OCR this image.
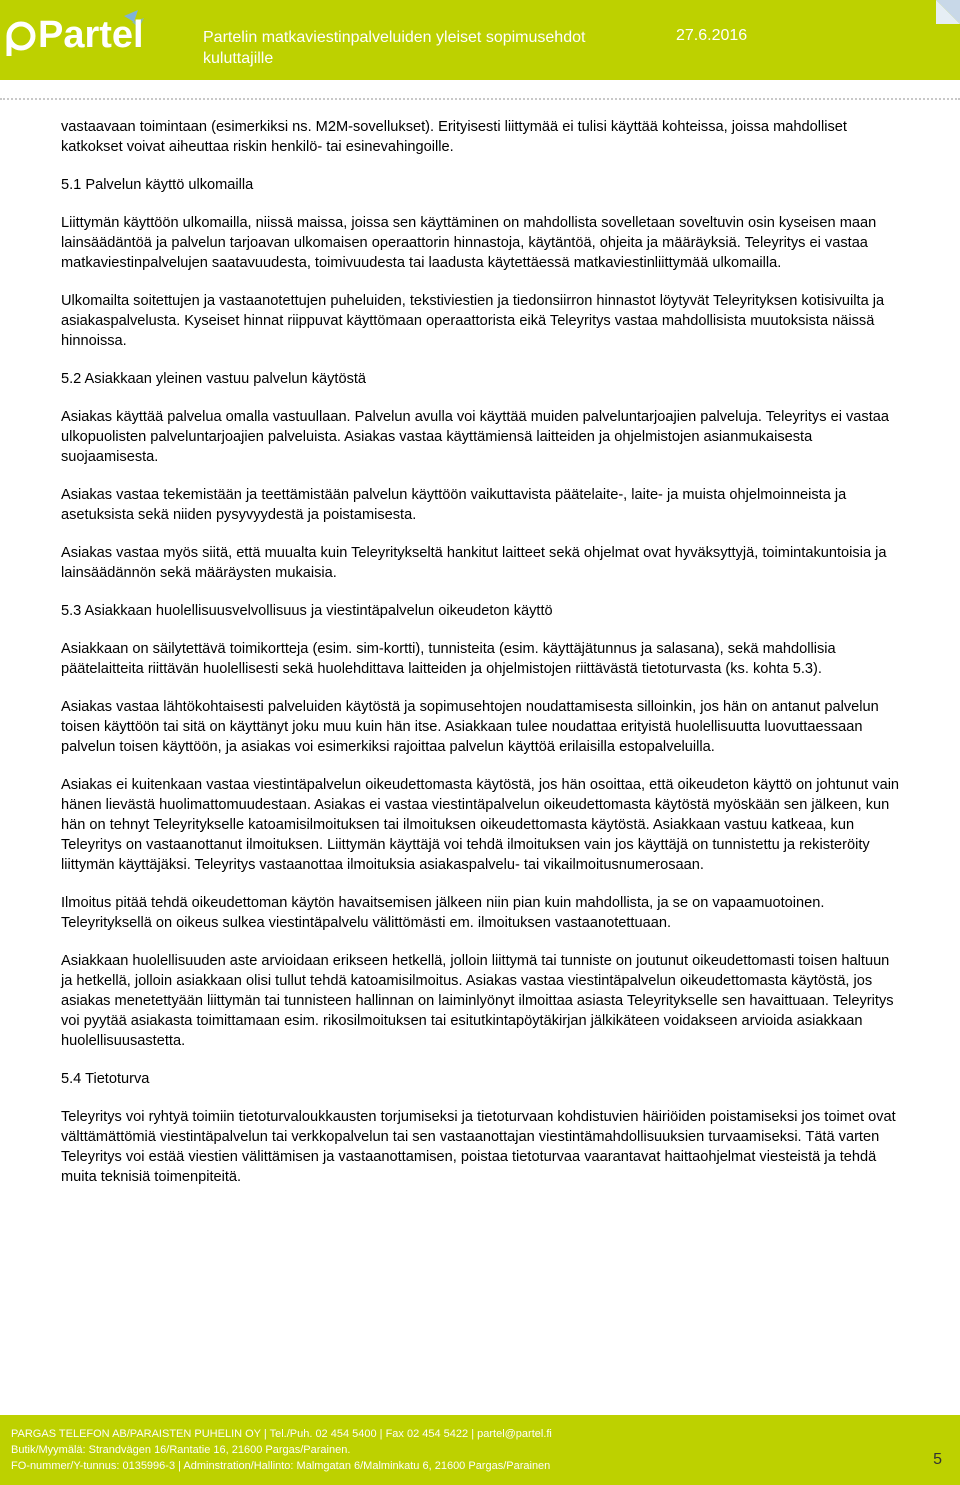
Partel	Partelin matkaviestinpalveluiden yleiset sopimusehdot kuluttajille
27.6.2016

vastaavaan toimintaan (esimerkiksi ns. M2M-sovellukset). Erityisesti liittymää ei tulisi käyttää kohteissa, joissa mahdolliset katkokset voivat aiheuttaa riskin henkilö- tai esinevahingoille.

5.1 Palvelun käyttö ulkomailla

Liittymän käyttöön ulkomailla, niissä maissa, joissa sen käyttäminen on mahdollista sovelletaan soveltuvin osin kyseisen maan lainsäädäntöä ja palvelun tarjoavan ulkomaisen operaattorin hinnastoja, käytäntöä, ohjeita ja määräyksiä. Teleyritys ei vastaa matkaviestinpalvelujen saatavuudesta, toimivuudesta tai laadusta käytettäessä matkaviestinliittymää ulkomailla.

Ulkomailta soitettujen ja vastaanotettujen puheluiden, tekstiviestien ja tiedonsiirron hinnastot löytyvät Teleyrityksen kotisivuilta ja asiakaspalvelusta. Kyseiset hinnat riippuvat käyttömaan operaattorista eikä Teleyritys vastaa mahdollisista muutoksista näissä hinnoissa.

5.2 Asiakkaan yleinen vastuu palvelun käytöstä

Asiakas käyttää palvelua omalla vastuullaan. Palvelun avulla voi käyttää muiden palveluntarjoajien palveluja. Teleyritys ei vastaa ulkopuolisten palveluntarjoajien palveluista. Asiakas vastaa käyttämiensä laitteiden ja ohjelmistojen asianmukaisesta suojaamisesta.

Asiakas vastaa tekemistään ja teettämistään palvelun käyttöön vaikuttavista päätelaite-, laite- ja muista ohjelmoinneista ja asetuksista sekä niiden pysyvyydestä ja poistamisesta.

Asiakas vastaa myös siitä, että muualta kuin Teleyritykseltä hankitut laitteet sekä ohjelmat ovat hyväksyttyjä, toimintakuntoisia ja lainsäädännön sekä määräysten mukaisia.

5.3 Asiakkaan huolellisuusvelvollisuus ja viestintäpalvelun oikeudeton käyttö

Asiakkaan on säilytettävä toimikortteja (esim. sim-kortti), tunnisteita (esim. käyttäjätunnus ja salasana), sekä mahdollisia päätelaitteita riittävän huolellisesti sekä huolehdittava laitteiden ja ohjelmistojen riittävästä tietoturvasta (ks. kohta 5.3).

Asiakas vastaa lähtökohtaisesti palveluiden käytöstä ja sopimusehtojen noudattamisesta silloinkin, jos hän on antanut palvelun toisen käyttöön tai sitä on käyttänyt joku muu kuin hän itse. Asiakkaan tulee noudattaa erityistä huolellisuutta luovuttaessaan palvelun toisen käyttöön, ja asiakas voi esimerkiksi rajoittaa palvelun käyttöä erilaisilla estopalveluilla.

Asiakas ei kuitenkaan vastaa viestintäpalvelun oikeudettomasta käytöstä, jos hän osoittaa, että oikeudeton käyttö on johtunut vain hänen lievästä huolimattomuudestaan. Asiakas ei vastaa viestintäpalvelun oikeudettomasta käytöstä myöskään sen jälkeen, kun hän on tehnyt Teleyritykselle katoamisilmoituksen tai ilmoituksen oikeudettomasta käytöstä. Asiakkaan vastuu katkeaa, kun Teleyritys on vastaanottanut ilmoituksen. Liittymän käyttäjä voi tehdä ilmoituksen vain jos käyttäjä on tunnistettu ja rekisteröity liittymän käyttäjäksi. Teleyritys vastaanottaa ilmoituksia asiakaspalvelu- tai vikailmoitusnumerosaan.

Ilmoitus pitää tehdä oikeudettoman käytön havaitsemisen jälkeen niin pian kuin mahdollista, ja se on vapaamuotoinen. Teleyrityksellä on oikeus sulkea viestintäpalvelu välittömästi em. ilmoituksen vastaanotettuaan.

Asiakkaan huolellisuuden aste arvioidaan erikseen hetkellä, jolloin liittymä tai tunniste on joutunut oikeudettomasti toisen haltuun ja hetkellä, jolloin asiakkaan olisi tullut tehdä katoamisilmoitus. Asiakas vastaa viestintäpalvelun oikeudettomasta käytöstä, jos asiakas menetettyään liittymän tai tunnisteen hallinnan on laiminlyönyt ilmoittaa asiasta Teleyritykselle sen havaittuaan. Teleyritys voi pyytää asiakasta toimittamaan esim. rikosilmoituksen tai esitutkintapöytäkirjan jälkikäteen voidakseen arvioida asiakkaan huolellisuusastetta.

5.4 Tietoturva

Teleyritys voi ryhtyä toimiin tietoturvaloukkausten torjumiseksi ja tietoturvaan kohdistuvien häiriöiden poistamiseksi jos toimet ovat välttämättömiä viestintäpalvelun tai verkkopalvelun tai sen vastaanottajan viestintämahdollisuuksien turvaamiseksi. Tätä varten Teleyritys voi estää viestien välittämisen ja vastaanottamisen, poistaa tietoturvaa vaarantavat haittaohjelmat viesteistä ja tehdä muita teknisiä toimenpiteitä.

PARGAS TELEFON AB/PARAISTEN PUHELIN OY | Tel./Puh. 02 454 5400 | Fax 02 454 5422 | partel@partel.fi
Butik/Myymälä: Strandvägen 16/Rantatie 16, 21600 Pargas/Parainen.
FO-nummer/Y-tunnus: 0135996-3 | Adminstration/Hallinto: Malmgatan 6/Malminkatu 6, 21600 Pargas/Parainen	5
